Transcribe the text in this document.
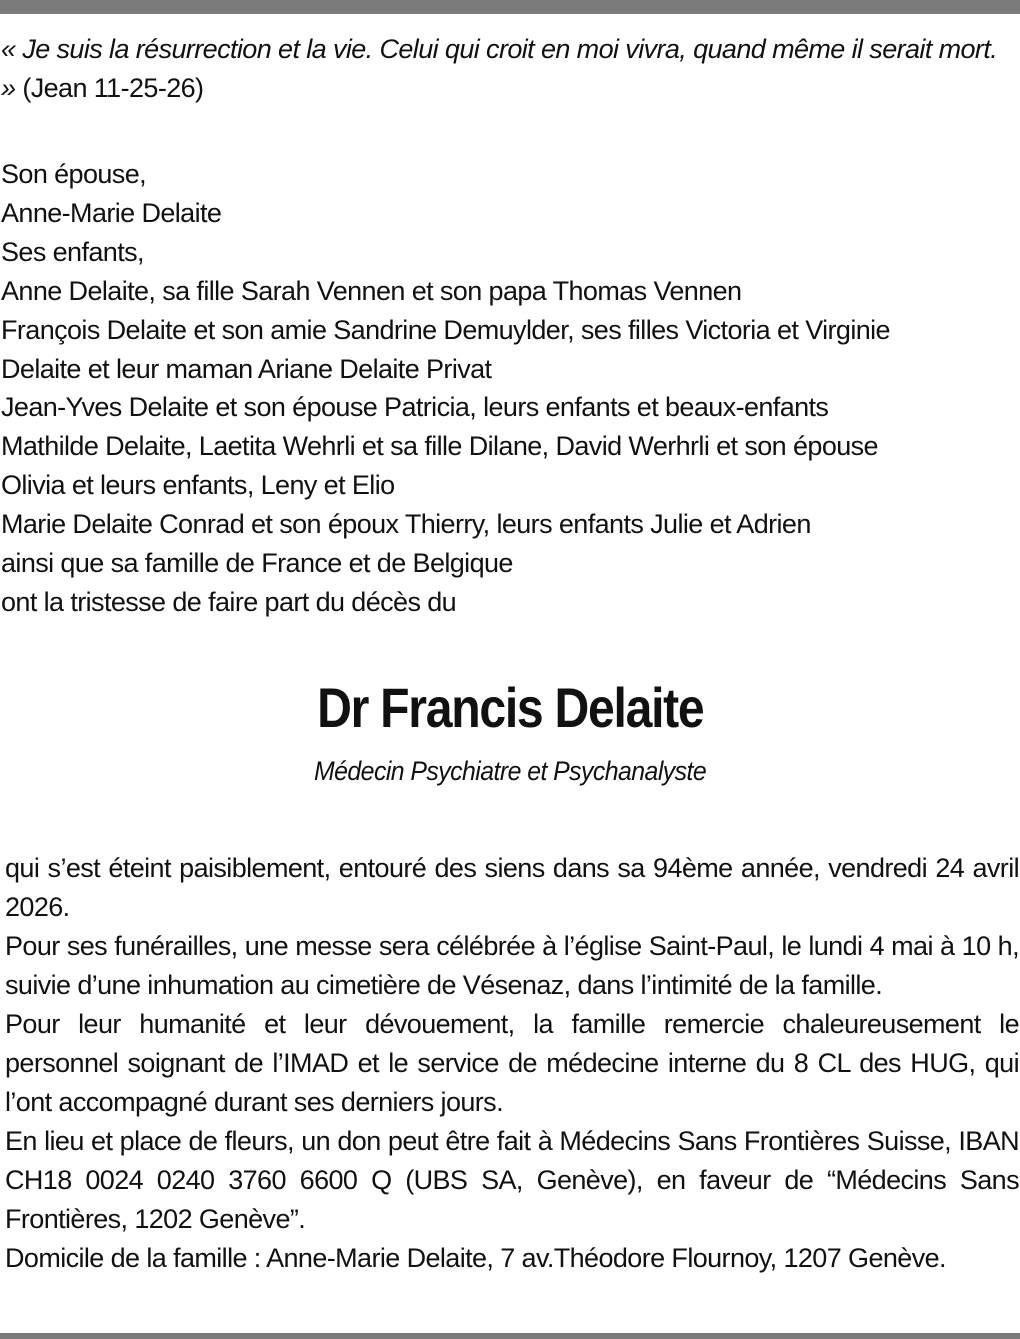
« Je suis la résurrection et la vie. Celui qui croit en moi vivra, quand même il serait mort. » (Jean 11-25-26)
Son épouse,
Anne-Marie Delaite
Ses enfants,
Anne Delaite, sa fille Sarah Vennen et son papa Thomas Vennen
François Delaite et son amie Sandrine Demuylder, ses filles Victoria et Virginie
Delaite et leur maman Ariane Delaite Privat
Jean-Yves Delaite et son épouse Patricia, leurs enfants et beaux-enfants
Mathilde Delaite, Laetita Wehrli et sa fille Dilane, David Werhrli et son épouse
Olivia et leurs enfants, Leny et Elio
Marie Delaite Conrad et son époux Thierry, leurs enfants Julie et Adrien
ainsi que sa famille de France et de Belgique
ont la tristesse de faire part du décès du
Dr Francis Delaite
Médecin Psychiatre et Psychanalyste

qui s’est éteint paisiblement, entouré des siens dans sa 94ème année, vendredi 24 avril 2026.

Pour ses funérailles, une messe sera célébrée à l’église Saint-Paul, le lundi 4 mai à 10 h, suivie d’une inhumation au cimetière de Vésenaz, dans l’intimité de la famille.

Pour leur humanité et leur dévouement, la famille remercie chaleureusement le personnel soignant de l’IMAD et le service de médecine interne du 8 CL des HUG, qui l’ont accompagné durant ses derniers jours.

En lieu et place de fleurs, un don peut être fait à Médecins Sans Frontières Suisse, IBAN CH18 0024 0240 3760 6600 Q (UBS SA, Genève), en faveur de “Médecins Sans Frontières, 1202 Genève”.

Domicile de la famille : Anne-Marie Delaite, 7 av.Théodore Flournoy, 1207 Genève.
